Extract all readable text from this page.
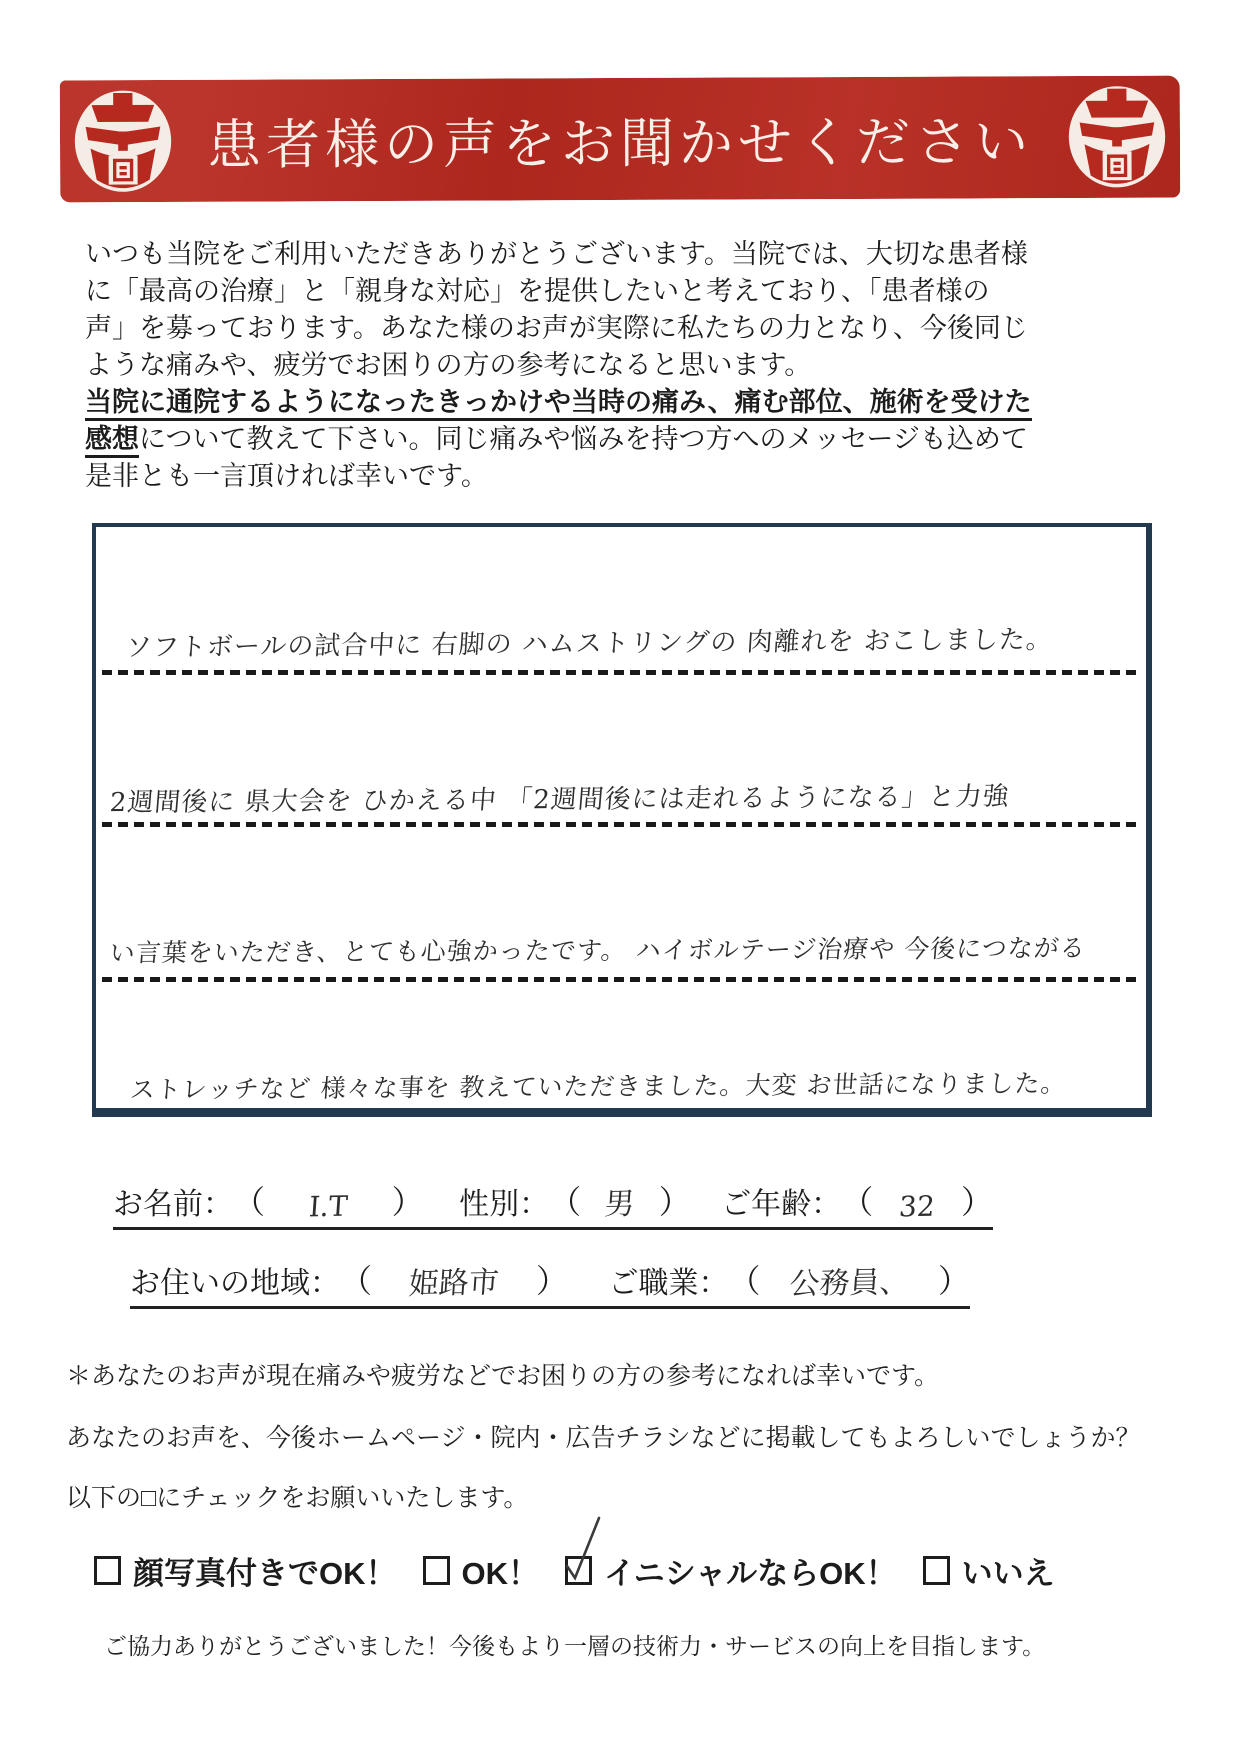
患者様の声をお聞かせください
いつも当院をご利用いただきありがとうございます。当院では、大切な患者様
に「最高の治療」と「親身な対応」を提供したいと考えており、「患者様の
声」を募っております。あなた様のお声が実際に私たちの力となり、今後同じ
ような痛みや、疲労でお困りの方の参考になると思います。
当院に通院するようになったきっかけや当時の痛み、痛む部位、施術を受けた
感想について教えて下さい。同じ痛みや悩みを持つ方へのメッセージも込めて
是非とも一言頂ければ幸いです。
ソフトボールの試合中に 右脚の ハムストリングの 肉離れを おこしました。
2週間後に 県大会を ひかえる中 「2週間後には走れるようになる」と力強
い言葉をいただき、とても心強かったです。 ハイボルテージ治療や 今後につながる
ストレッチなど 様々な事を 教えていただきました。大変 お世話になりました。
お名前： （	I.T	） 性別： （ 男 ） ご年齢： （ 32 ）
お住いの地域： （	姫路市	） ご職業： （ 公務員、 ）
＊あなたのお声が現在痛みや疲労などでお困りの方の参考になれば幸いです。
あなたのお声を、今後ホームページ・院内・広告チラシなどに掲載してもよろしいでしょうか？
以下の□にチェックをお願いいたします。
顔写真付きでOK！ OK！ イニシャルならOK！ いいえ
ご協力ありがとうございました！今後もより一層の技術力・サービスの向上を目指します。
